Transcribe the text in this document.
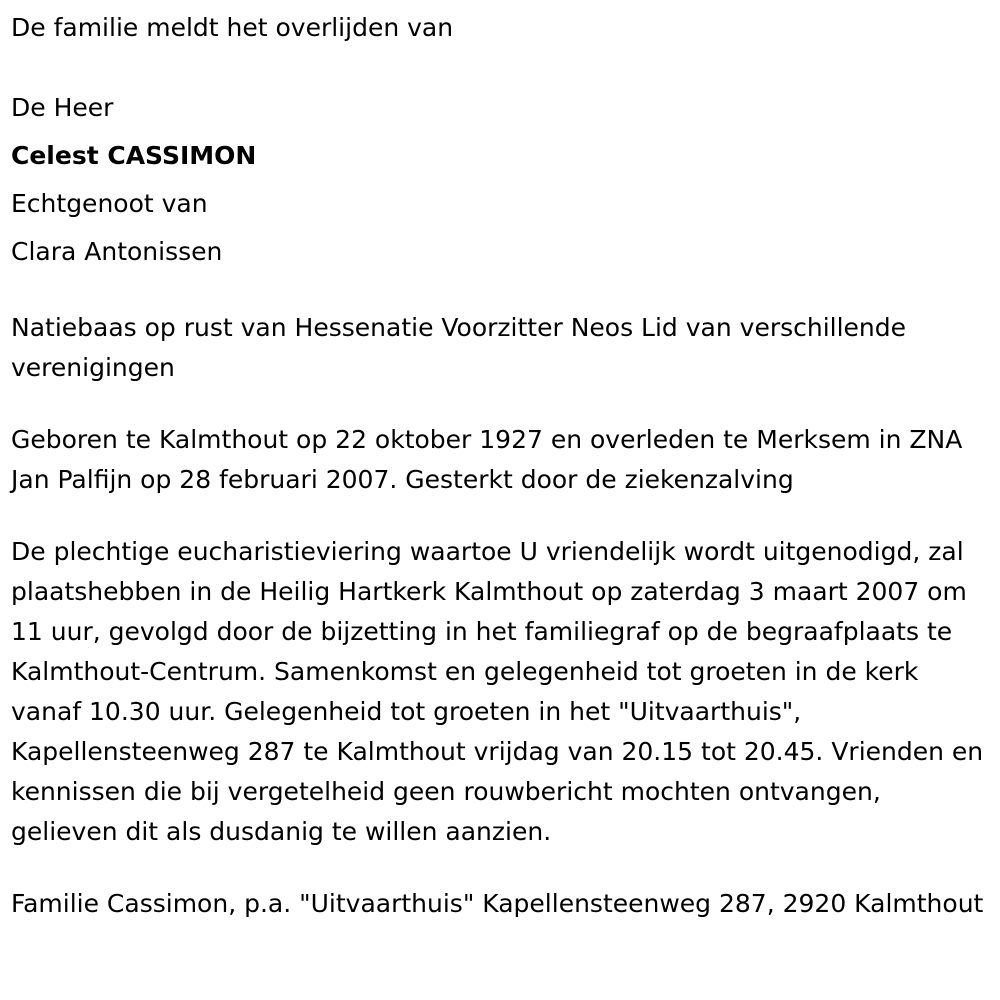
De familie meldt het overlijden van
De Heer
Celest CASSIMON
Echtgenoot van
Clara Antonissen

Natiebaas op rust van Hessenatie Voorzitter Neos Lid van verschillende verenigingen

Geboren te Kalmthout op 22 oktober 1927 en overleden te Merksem in ZNA Jan Palfijn op 28 februari 2007. Gesterkt door de ziekenzalving

De plechtige eucharistieviering waartoe U vriendelijk wordt uitgenodigd, zal plaatshebben in de Heilig Hartkerk Kalmthout op zaterdag 3 maart 2007 om 11 uur, gevolgd door de bijzetting in het familiegraf op de begraafplaats te Kalmthout-Centrum. Samenkomst en gelegenheid tot groeten in de kerk vanaf 10.30 uur. Gelegenheid tot groeten in het "Uitvaarthuis", Kapellensteenweg 287 te Kalmthout vrijdag van 20.15 tot 20.45. Vrienden en kennissen die bij vergetelheid geen rouwbericht mochten ontvangen, gelieven dit als dusdanig te willen aanzien.

Familie Cassimon, p.a. "Uitvaarthuis" Kapellensteenweg 287, 2920 Kalmthout
